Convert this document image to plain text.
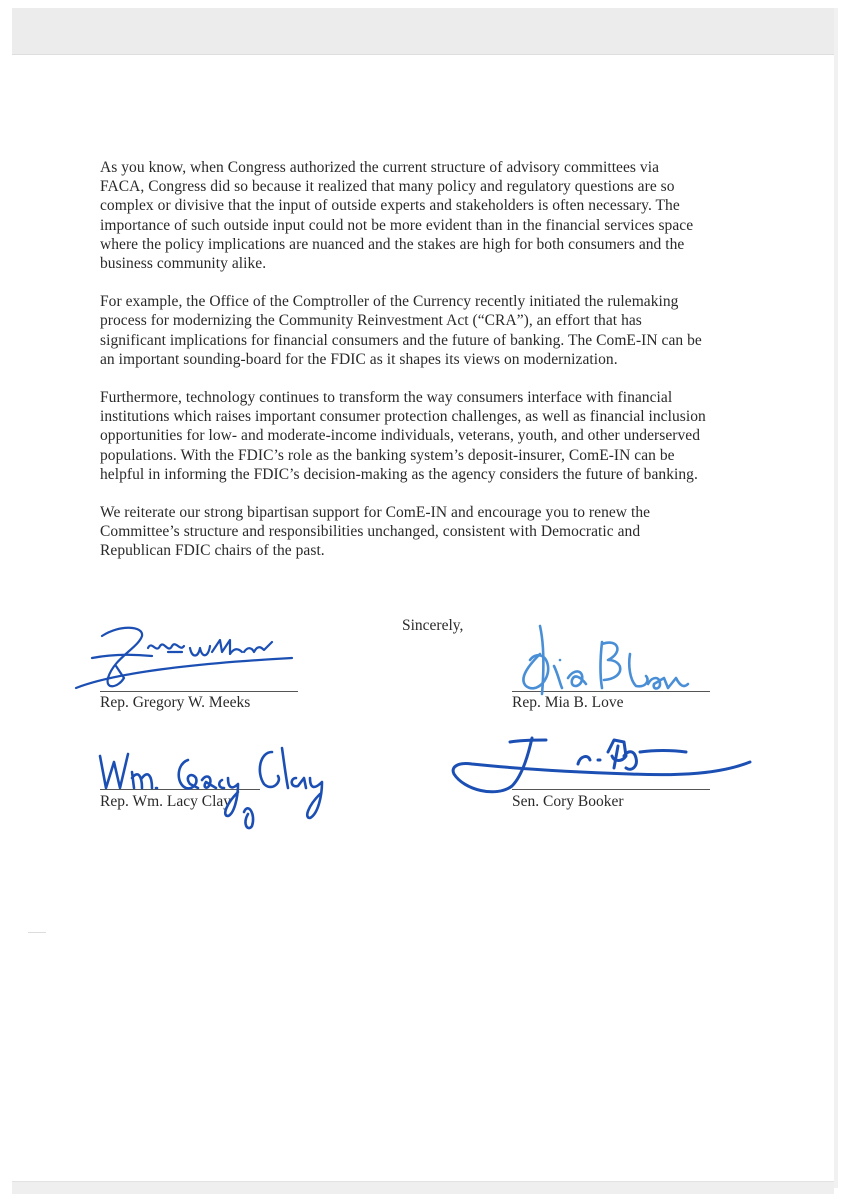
As you know, when Congress authorized the current structure of advisory committees via
FACA, Congress did so because it realized that many policy and regulatory questions are so
complex or divisive that the input of outside experts and stakeholders is often necessary. The
importance of such outside input could not be more evident than in the financial services space
where the policy implications are nuanced and the stakes are high for both consumers and the
business community alike.

For example, the Office of the Comptroller of the Currency recently initiated the rulemaking
process for modernizing the Community Reinvestment Act (“CRA”), an effort that has
significant implications for financial consumers and the future of banking. The ComE-IN can be
an important sounding-board for the FDIC as it shapes its views on modernization.

Furthermore, technology continues to transform the way consumers interface with financial
institutions which raises important consumer protection challenges, as well as financial inclusion
opportunities for low- and moderate-income individuals, veterans, youth, and other underserved
populations. With the FDIC’s role as the banking system’s deposit-insurer, ComE-IN can be
helpful in informing the FDIC’s decision-making as the agency considers the future of banking.

We reiterate our strong bipartisan support for ComE-IN and encourage you to renew the
Committee’s structure and responsibilities unchanged, consistent with Democratic and
Republican FDIC chairs of the past.

Sincerely,
Rep. Gregory W. Meeks	Rep. Mia B. Love
Rep. Wm. Lacy Clay	Sen. Cory Booker
